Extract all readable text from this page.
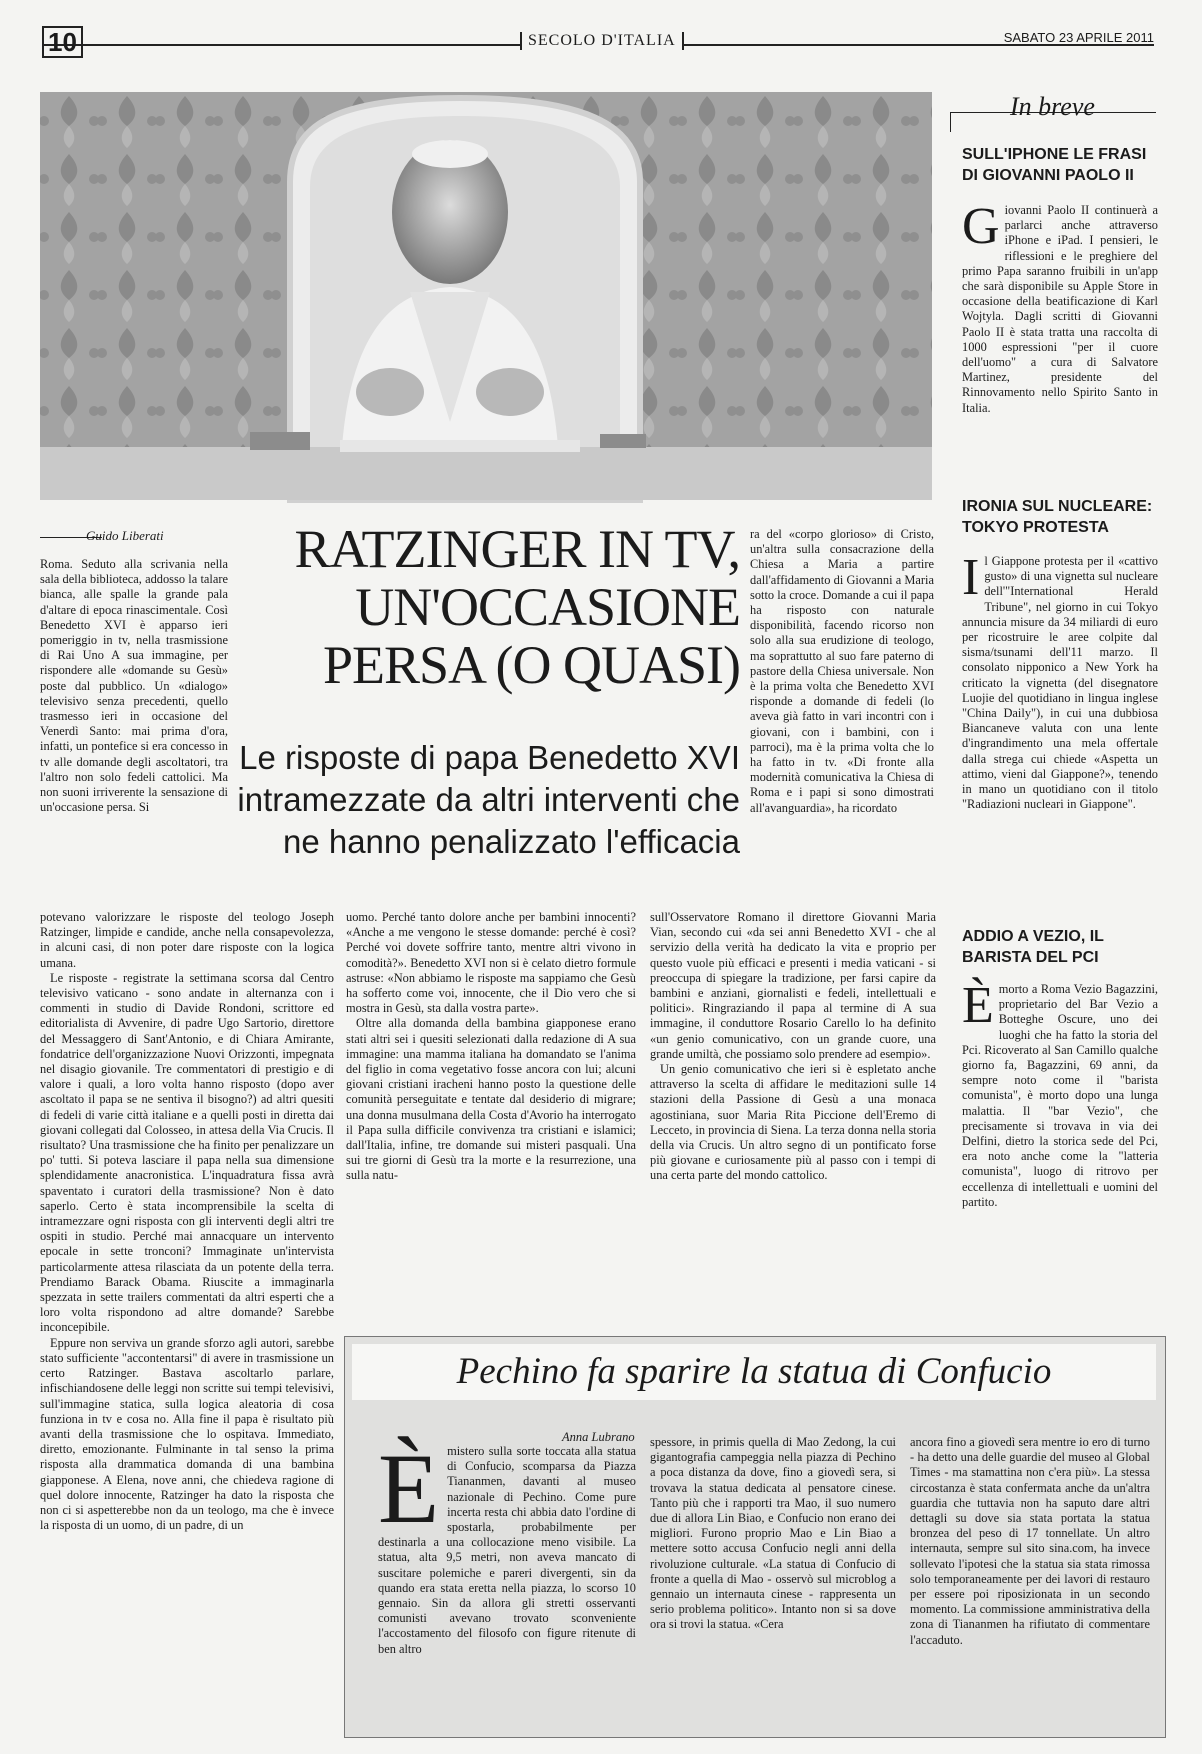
10	SECOLO D'ITALIA	SABATO 23 APRILE 2011
Guido Liberati	RATZINGER IN TV, UN'OCCASIONE PERSA (O QUASI)
Le risposte di papa Benedetto XVI intramezzate da altri interventi che ne hanno penalizzato l'efficacia

Roma. Seduto alla scrivania nella sala della biblioteca, addosso la talare bianca, alle spalle la grande pala d'altare di epoca rinascimentale. Così Benedetto XVI è apparso ieri pomeriggio in tv, nella trasmissione di Rai Uno A sua immagine, per rispondere alle «domande su Gesù» poste dal pubblico. Un «dialogo» televisivo senza precedenti, quello trasmesso ieri in occasione del Venerdì Santo: mai prima d'ora, infatti, un pontefice si era concesso in tv alle domande degli ascoltatori, tra l'altro non solo fedeli cattolici. Ma non suoni irriverente la sensazione di un'occasione persa. Si

ra del «corpo glorioso» di Cristo, un'altra sulla consacrazione della Chiesa a Maria a partire dall'affidamento di Giovanni a Maria sotto la croce. Domande a cui il papa ha risposto con naturale disponibilità, facendo ricorso non solo alla sua erudizione di teologo, ma soprattutto al suo fare paterno di pastore della Chiesa universale. Non è la prima volta che Benedetto XVI risponde a domande di fedeli (lo aveva già fatto in vari incontri con i giovani, con i bambini, con i parroci), ma è la prima volta che lo ha fatto in tv. «Di fronte alla modernità comunicativa la Chiesa di Roma e i papi si sono dimostrati all'avanguardia», ha ricordato

potevano valorizzare le risposte del teologo Joseph Ratzinger, limpide e candide, anche nella consapevolezza, in alcuni casi, di non poter dare risposte con la logica umana.

Le risposte - registrate la settimana scorsa dal Centro televisivo vaticano - sono andate in alternanza con i commenti in studio di Davide Rondoni, scrittore ed editorialista di Avvenire, di padre Ugo Sartorio, direttore del Messaggero di Sant'Antonio, e di Chiara Amirante, fondatrice dell'organizzazione Nuovi Orizzonti, impegnata nel disagio giovanile. Tre commentatori di prestigio e di valore i quali, a loro volta hanno risposto (dopo aver ascoltato il papa se ne sentiva il bisogno?) ad altri quesiti di fedeli di varie città italiane e a quelli posti in diretta dai giovani collegati dal Colosseo, in attesa della Via Crucis. Il risultato? Una trasmissione che ha finito per penalizzare un po' tutti. Si poteva lasciare il papa nella sua dimensione splendidamente anacronistica. L'inquadratura fissa avrà spaventato i curatori della trasmissione? Non è dato saperlo. Certo è stata incomprensibile la scelta di intramezzare ogni risposta con gli interventi degli altri tre ospiti in studio. Perché mai annacquare un intervento epocale in sette tronconi? Immaginate un'intervista particolarmente attesa rilasciata da un potente della terra. Prendiamo Barack Obama. Riuscite a immaginarla spezzata in sette trailers commentati da altri esperti che a loro volta rispondono ad altre domande? Sarebbe inconcepibile.

Eppure non serviva un grande sforzo agli autori, sarebbe stato sufficiente "accontentarsi" di avere in trasmissione un certo Ratzinger. Bastava ascoltarlo parlare, infischiandosene delle leggi non scritte sui tempi televisivi, sull'immagine statica, sulla logica aleatoria di cosa funziona in tv e cosa no. Alla fine il papa è risultato più avanti della trasmissione che lo ospitava. Immediato, diretto, emozionante. Fulminante in tal senso la prima risposta alla drammatica domanda di una bambina giapponese. A Elena, nove anni, che chiedeva ragione di quel dolore innocente, Ratzinger ha dato la risposta che non ci si aspetterebbe non da un teologo, ma che è invece la risposta di un uomo, di un padre, di un

uomo. Perché tanto dolore anche per bambini innocenti? «Anche a me vengono le stesse domande: perché è così? Perché voi dovete soffrire tanto, mentre altri vivono in comodità?». Benedetto XVI non si è celato dietro formule astruse: «Non abbiamo le risposte ma sappiamo che Gesù ha sofferto come voi, innocente, che il Dio vero che si mostra in Gesù, sta dalla vostra parte».

Oltre alla domanda della bambina giapponese erano stati altri sei i quesiti selezionati dalla redazione di A sua immagine: una mamma italiana ha domandato se l'anima del figlio in coma vegetativo fosse ancora con lui; alcuni giovani cristiani iracheni hanno posto la questione delle comunità perseguitate e tentate dal desiderio di migrare; una donna musulmana della Costa d'Avorio ha interrogato il Papa sulla difficile convivenza tra cristiani e islamici; dall'Italia, infine, tre domande sui misteri pasquali. Una sui tre giorni di Gesù tra la morte e la resurrezione, una sulla natu-

sull'Osservatore Romano il direttore Giovanni Maria Vian, secondo cui «da sei anni Benedetto XVI - che al servizio della verità ha dedicato la vita e proprio per questo vuole più efficaci e presenti i media vaticani - si preoccupa di spiegare la tradizione, per farsi capire da bambini e anziani, giornalisti e fedeli, intellettuali e politici». Ringraziando il papa al termine di A sua immagine, il conduttore Rosario Carello lo ha definito «un genio comunicativo, con un grande cuore, una grande umiltà, che possiamo solo prendere ad esempio».

Un genio comunicativo che ieri si è espletato anche attraverso la scelta di affidare le meditazioni sulle 14 stazioni della Passione di Gesù a una monaca agostiniana, suor Maria Rita Piccione dell'Eremo di Lecceto, in provincia di Siena. La terza donna nella storia della via Crucis. Un altro segno di un pontificato forse più giovane e curiosamente più al passo con i tempi di una certa parte del mondo cattolico.

In breve
SULL'IPHONE LE FRASI DI GIOVANNI PAOLO II
G iovanni Paolo II continuerà a parlarci anche attraverso iPhone e iPad. I pensieri, le riflessioni e le preghiere del primo Papa saranno fruibili in un'app che sarà disponibile su Apple Store in occasione della beatificazione di Karl Wojtyla. Dagli scritti di Giovanni Paolo II è stata tratta una raccolta di 1000 espressioni "per il cuore dell'uomo" a cura di Salvatore Martinez, presidente del Rinnovamento nello Spirito Santo in Italia.
IRONIA SUL NUCLEARE: TOKYO PROTESTA
I l Giappone protesta per il «cattivo gusto» di una vignetta sul nucleare dell'"International Herald Tribune", nel giorno in cui Tokyo annuncia misure da 34 miliardi di euro per ricostruire le aree colpite dal sisma/tsunami dell'11 marzo. Il consolato nipponico a New York ha criticato la vignetta (del disegnatore Luojie del quotidiano in lingua inglese "China Daily"), in cui una dubbiosa Biancaneve valuta con una lente d'ingrandimento una mela offertale dalla strega cui chiede «Aspetta un attimo, vieni dal Giappone?», tenendo in mano un quotidiano con il titolo "Radiazioni nucleari in Giappone".
ADDIO A VEZIO, IL BARISTA DEL PCI
È morto a Roma Vezio Bagazzini, proprietario del Bar Vezio a Botteghe Oscure, uno dei luoghi che ha fatto la storia del Pci. Ricoverato al San Camillo qualche giorno fa, Bagazzini, 69 anni, da sempre noto come il "barista comunista", è morto dopo una lunga malattia. Il "bar Vezio", che precisamente si trovava in via dei Delfini, dietro la storica sede del Pci, era noto anche come la "latteria comunista", luogo di ritrovo per eccellenza di intellettuali e uomini del partito.
Pechino fa sparire la statua di Confucio
Anna Lubrano
È mistero sulla sorte toccata alla statua di Confucio, scomparsa da Piazza Tiananmen, davanti al museo nazionale di Pechino. Come pure incerta resta chi abbia dato l'ordine di spostarla, probabilmente per destinarla a una collocazione meno visibile. La statua, alta 9,5 metri, non aveva mancato di suscitare polemiche e pareri divergenti, sin da quando era stata eretta nella piazza, lo scorso 10 gennaio. Sin da allora gli stretti osservanti comunisti avevano trovato sconveniente l'accostamento del filosofo con figure ritenute di ben altro

spessore, in primis quella di Mao Zedong, la cui gigantografia campeggia nella piazza di Pechino a poca distanza da dove, fino a giovedì sera, si trovava la statua dedicata al pensatore cinese. Tanto più che i rapporti tra Mao, il suo numero due di allora Lin Biao, e Confucio non erano dei migliori. Furono proprio Mao e Lin Biao a mettere sotto accusa Confucio negli anni della rivoluzione culturale. «La statua di Confucio di fronte a quella di Mao - osservò sul microblog a gennaio un internauta cinese - rappresenta un serio problema politico». Intanto non si sa dove ora si trovi la statua. «Cera

ancora fino a giovedì sera mentre io ero di turno - ha detto una delle guardie del museo al Global Times - ma stamattina non c'era più». La stessa circostanza è stata confermata anche da un'altra guardia che tuttavia non ha saputo dare altri dettagli su dove sia stata portata la statua bronzea del peso di 17 tonnellate. Un altro internauta, sempre sul sito sina.com, ha invece sollevato l'ipotesi che la statua sia stata rimossa solo temporaneamente per dei lavori di restauro per essere poi riposizionata in un secondo momento. La commissione amministrativa della zona di Tiananmen ha rifiutato di commentare l'accaduto.
